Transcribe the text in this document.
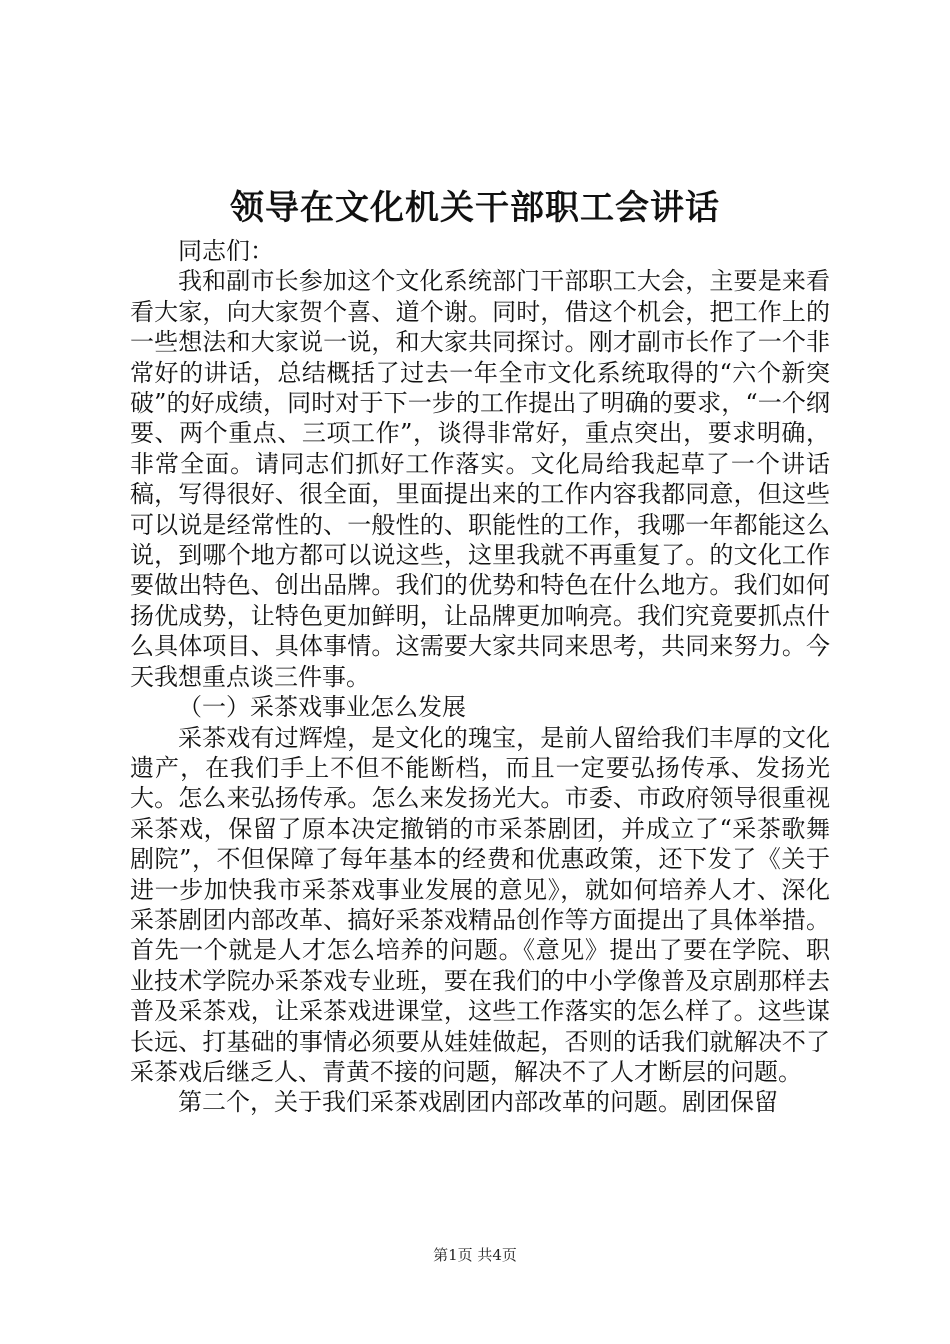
领导在文化机关干部职工会讲话

同志们：

我和副市长参加这个文化系统部门干部职工大会，主要是来看看大家，向大家贺个喜、道个谢。同时，借这个机会，把工作上的一些想法和大家说一说，和大家共同探讨。刚才副市长作了一个非常好的讲话，总结概括了过去一年全市文化系统取得的“六个新突破”的好成绩，同时对于下一步的工作提出了明确的要求，“一个纲要、两个重点、三项工作”，谈得非常好，重点突出，要求明确，非常全面。请同志们抓好工作落实。文化局给我起草了一个讲话稿，写得很好、很全面，里面提出来的工作内容我都同意，但这些可以说是经常性的、一般性的、职能性的工作，我哪一年都能这么说，到哪个地方都可以说这些，这里我就不再重复了。的文化工作要做出特色、创出品牌。我们的优势和特色在什么地方。我们如何扬优成势，让特色更加鲜明，让品牌更加响亮。我们究竟要抓点什么具体项目、具体事情。这需要大家共同来思考，共同来努力。今天我想重点谈三件事。

（一）采茶戏事业怎么发展

采茶戏有过辉煌，是文化的瑰宝，是前人留给我们丰厚的文化遗产，在我们手上不但不能断档，而且一定要弘扬传承、发扬光大。怎么来弘扬传承。怎么来发扬光大。市委、市政府领导很重视采茶戏，保留了原本决定撤销的市采茶剧团，并成立了“采茶歌舞剧院”，不但保障了每年基本的经费和优惠政策，还下发了《关于进一步加快我市采茶戏事业发展的意见》，就如何培养人才、深化采茶剧团内部改革、搞好采茶戏精品创作等方面提出了具体举措。首先一个就是人才怎么培养的问题。《意见》提出了要在学院、职业技术学院办采茶戏专业班，要在我们的中小学像普及京剧那样去普及采茶戏，让采茶戏进课堂，这些工作落实的怎么样了。这些谋长远、打基础的事情必须要从娃娃做起，否则的话我们就解决不了采茶戏后继乏人、青黄不接的问题，解决不了人才断层的问题。

第二个，关于我们采茶戏剧团内部改革的问题。剧团保留

第1页 共4页
